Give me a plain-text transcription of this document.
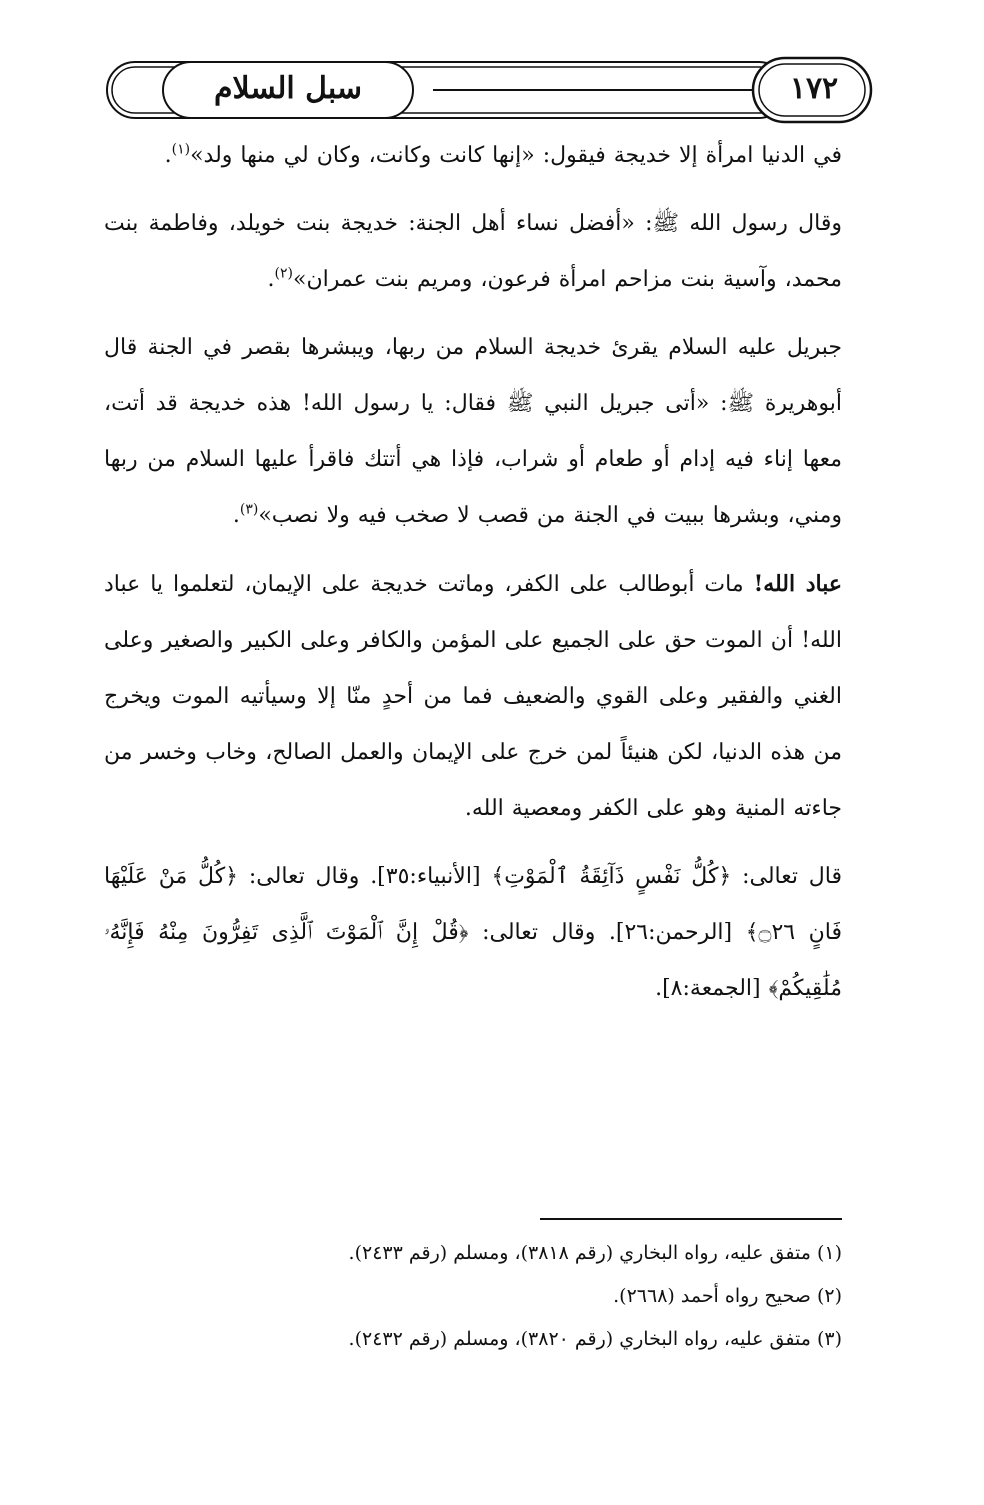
سبل السلام	١٧٢

في الدنيا امرأة إلا خديجة فيقول: «إنها كانت وكانت، وكان لي منها ولد»$^{(١)}$.

وقال رسول الله ﷺ: «أفضل نساء أهل الجنة: خديجة بنت خويلد، وفاطمة بنت محمد، وآسية بنت مزاحم امرأة فرعون، ومريم بنت عمران»$^{(٢)}$.

جبريل عليه السلام يقرئ خديجة السلام من ربها، ويبشرها بقصر في الجنة قال أبوهريرة ﷺ: «أتى جبريل النبي ﷺ فقال: يا رسول الله! هذه خديجة قد أتت، معها إناء فيه إدام أو طعام أو شراب، فإذا هي أتتك فاقرأ عليها السلام من ربها ومني، وبشرها ببيت في الجنة من قصب لا صخب فيه ولا نصب»$^{(٣)}$.

عباد الله! مات أبوطالب على الكفر، وماتت خديجة على الإيمان، لتعلموا يا عباد الله! أن الموت حق على الجميع على المؤمن والكافر وعلى الكبير والصغير وعلى الغني والفقير وعلى القوي والضعيف فما من أحدٍ منّا إلا وسيأتيه الموت ويخرج من هذه الدنيا، لكن هنيئاً لمن خرج على الإيمان والعمل الصالح، وخاب وخسر من جاءته المنية وهو على الكفر ومعصية الله.

قال تعالى: ﴿كُلُّ نَفْسٍ ذَآئِقَةُ ٱلْمَوْتِ﴾ [الأنبياء:٣٥]. وقال تعالى: ﴿كُلُّ مَنْ عَلَيْهَا فَانٍ ۝٢٦﴾ [الرحمن:٢٦]. وقال تعالى: ﴿قُلْ إِنَّ ٱلْمَوْتَ ٱلَّذِى تَفِرُّونَ مِنْهُ فَإِنَّهُۥ مُلَٰقِيكُمْ﴾ [الجمعة:٨].

(١) متفق عليه، رواه البخاري (رقم ٣٨١٨)، ومسلم (رقم ٢٤٣٣).

(٢) صحيح رواه أحمد (٢٦٦٨).

(٣) متفق عليه، رواه البخاري (رقم ٣٨٢٠)، ومسلم (رقم ٢٤٣٢).
